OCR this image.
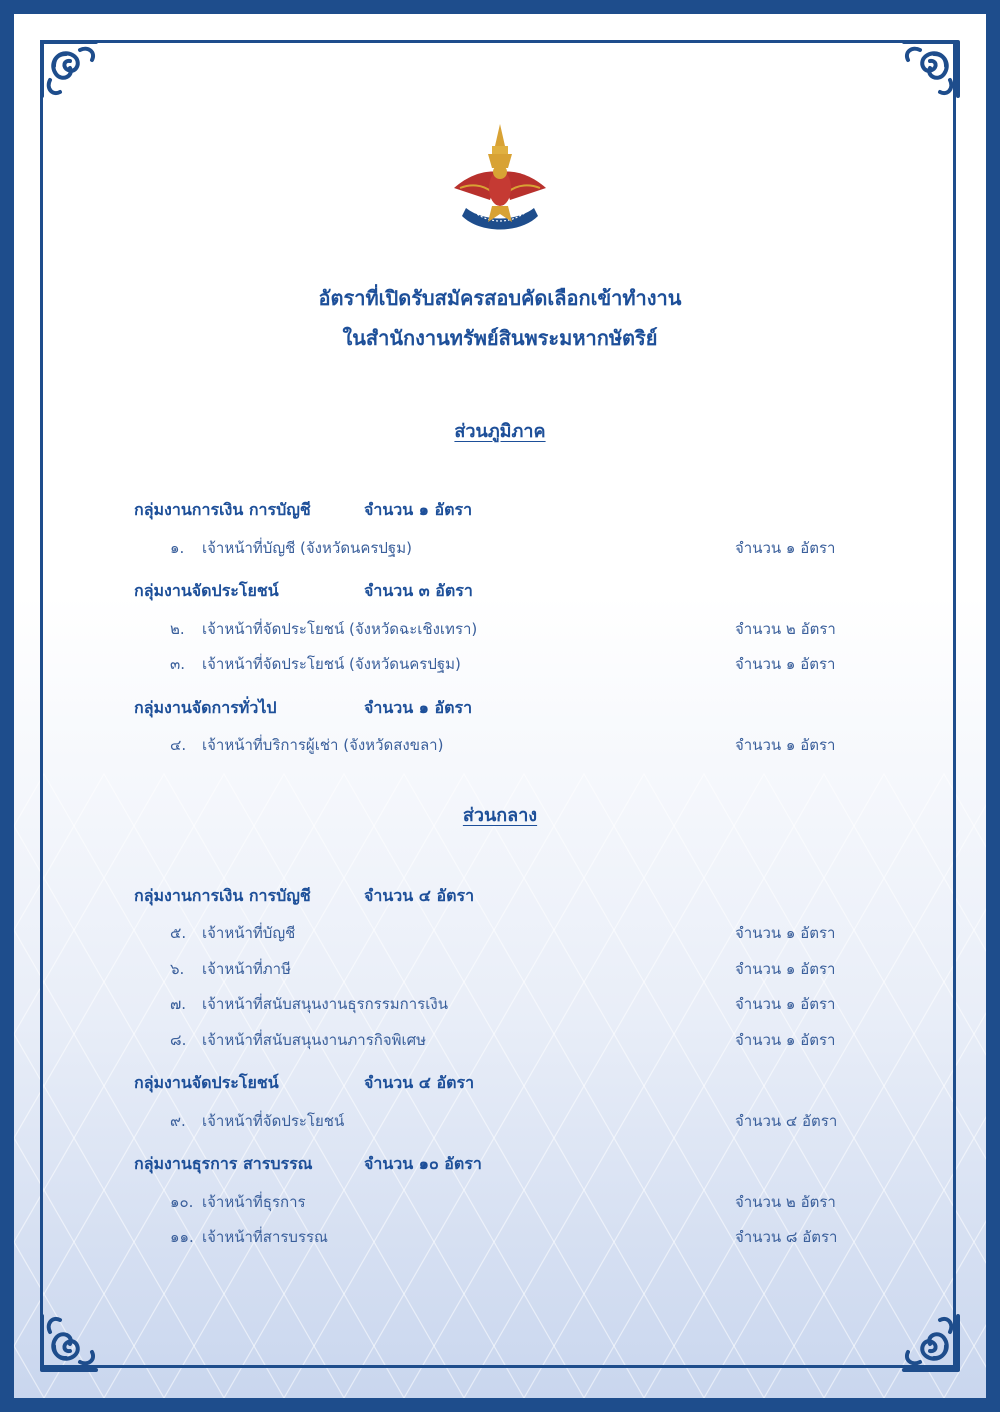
อัตราที่เปิดรับสมัครสอบคัดเลือกเข้าทำงาน
ในสำนักงานทรัพย์สินพระมหากษัตริย์
ส่วนภูมิภาค
กลุ่มงานการเงิน การบัญชี	จำนวน ๑ อัตรา
๑. เจ้าหน้าที่บัญชี (จังหวัดนครปฐม)	จำนวน ๑ อัตรา
กลุ่มงานจัดประโยชน์	จำนวน ๓ อัตรา
๒. เจ้าหน้าที่จัดประโยชน์ (จังหวัดฉะเชิงเทรา)	จำนวน ๒ อัตรา
๓. เจ้าหน้าที่จัดประโยชน์ (จังหวัดนครปฐม)	จำนวน ๑ อัตรา
กลุ่มงานจัดการทั่วไป	จำนวน ๑ อัตรา
๔. เจ้าหน้าที่บริการผู้เช่า (จังหวัดสงขลา)	จำนวน ๑ อัตรา
ส่วนกลาง
กลุ่มงานการเงิน การบัญชี	จำนวน ๔ อัตรา
๕. เจ้าหน้าที่บัญชี	จำนวน ๑ อัตรา
๖. เจ้าหน้าที่ภาษี	จำนวน ๑ อัตรา
๗. เจ้าหน้าที่สนับสนุนงานธุรกรรมการเงิน	จำนวน ๑ อัตรา
๘. เจ้าหน้าที่สนับสนุนงานภารกิจพิเศษ	จำนวน ๑ อัตรา
กลุ่มงานจัดประโยชน์	จำนวน ๔ อัตรา
๙. เจ้าหน้าที่จัดประโยชน์	จำนวน ๔ อัตรา
กลุ่มงานธุรการ สารบรรณ	จำนวน ๑๐ อัตรา
๑๐. เจ้าหน้าที่ธุรการ	จำนวน ๒ อัตรา
๑๑. เจ้าหน้าที่สารบรรณ	จำนวน ๘ อัตรา
